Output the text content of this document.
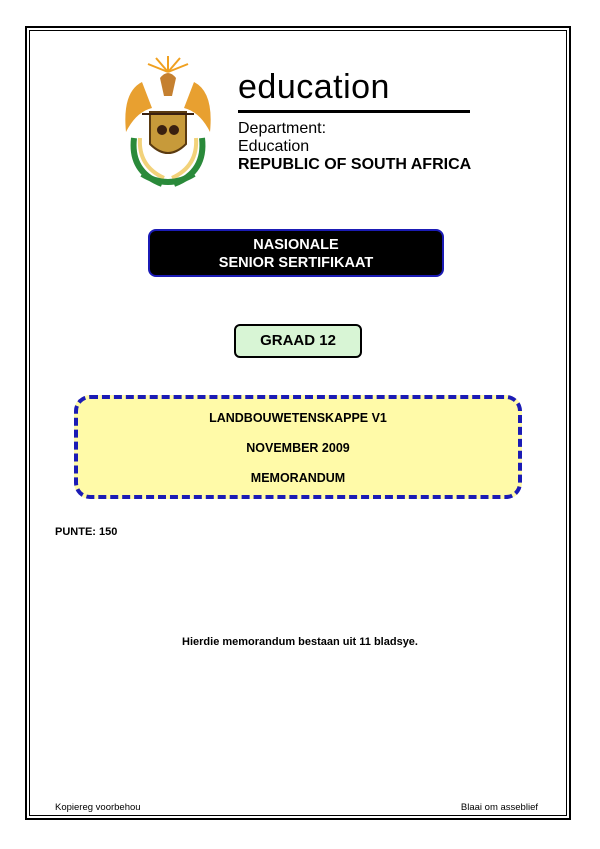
education
Department:
Education
REPUBLIC OF SOUTH AFRICA
NASIONALE
SENIOR SERTIFIKAAT
GRAAD 12
LANDBOUWETENSKAPPE V1
NOVEMBER 2009
MEMORANDUM
PUNTE: 150
Hierdie memorandum bestaan uit 11 bladsye.
Kopiereg voorbehou	Blaai om asseblief
